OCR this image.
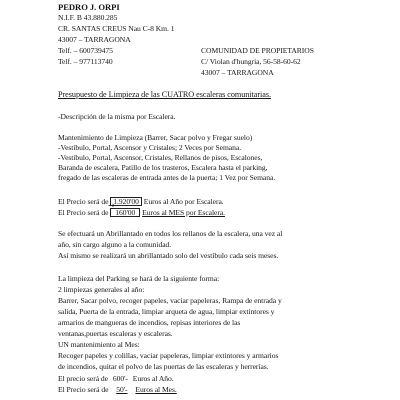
PEDRO J. ORPI
N.I.F. B 43.880.285
CR. SANTAS CREUS Nau C-8 Km. 1
43007 – TARRAGONA
Telf. – 600739475
Telf. – 977113740
COMUNIDAD DE PROPIETARIOS
C/ Violan d'hungria, 56-58-60-62
43007 – TARRAGONA
Presupuesto de Limpieza de las CUATRO escaleras comunitarias.
-Descripción de la misma por Escalera.
Mantenimiento de Limpieza (Barrer, Sacar polvo y Fregar suelo)
-Vestíbulo, Portal, Ascensor y Cristales; 2 Veces por Semana.
-Vestíbulo, Portal, Ascensor, Cristales, Rellanos de pisos, Escalones,
Baranda de escalera, Patillo de los trasteros, Escalera hasta el parking,
fregado de las escaleras de entrada antes de la puerta; 1 Vez por Semana.
El Precio será de 1.920'00 Euros al Año por Escalera.
El Precio será de 160'00 Euros al MES por Escalera.
→
Se efectuará un Abrillantado en todos los rellanos de la escalera, una vez al
año, sin cargo alguno a la comunidad.
Así mismo se realizará un abrillantado solo del vestíbulo cada seis meses.
La limpieza del Parking se hará de la siguiente forma:
2 limpiezas generales al año:
Barrer, Sacar polvo, recoger papeles, vaciar papeleras, Rampa de entrada y
salida, Puerta de la entrada, limpiar arqueta de agua, limpiar extintores y
armarios de mangueras de incendios, repisas interiores de las
ventanas,puertas escaleras y escaleras.
UN mantenimiento al Mes:
Recoger papeles y colillas, vaciar papeleras, limpiar extintores y armarios
de incendios, quitar el polvo de las puertas de las escaleras y herrerías.
El precio será de 600'- Euros al Año.
El Precio será de 50'- Euros al Mes.
